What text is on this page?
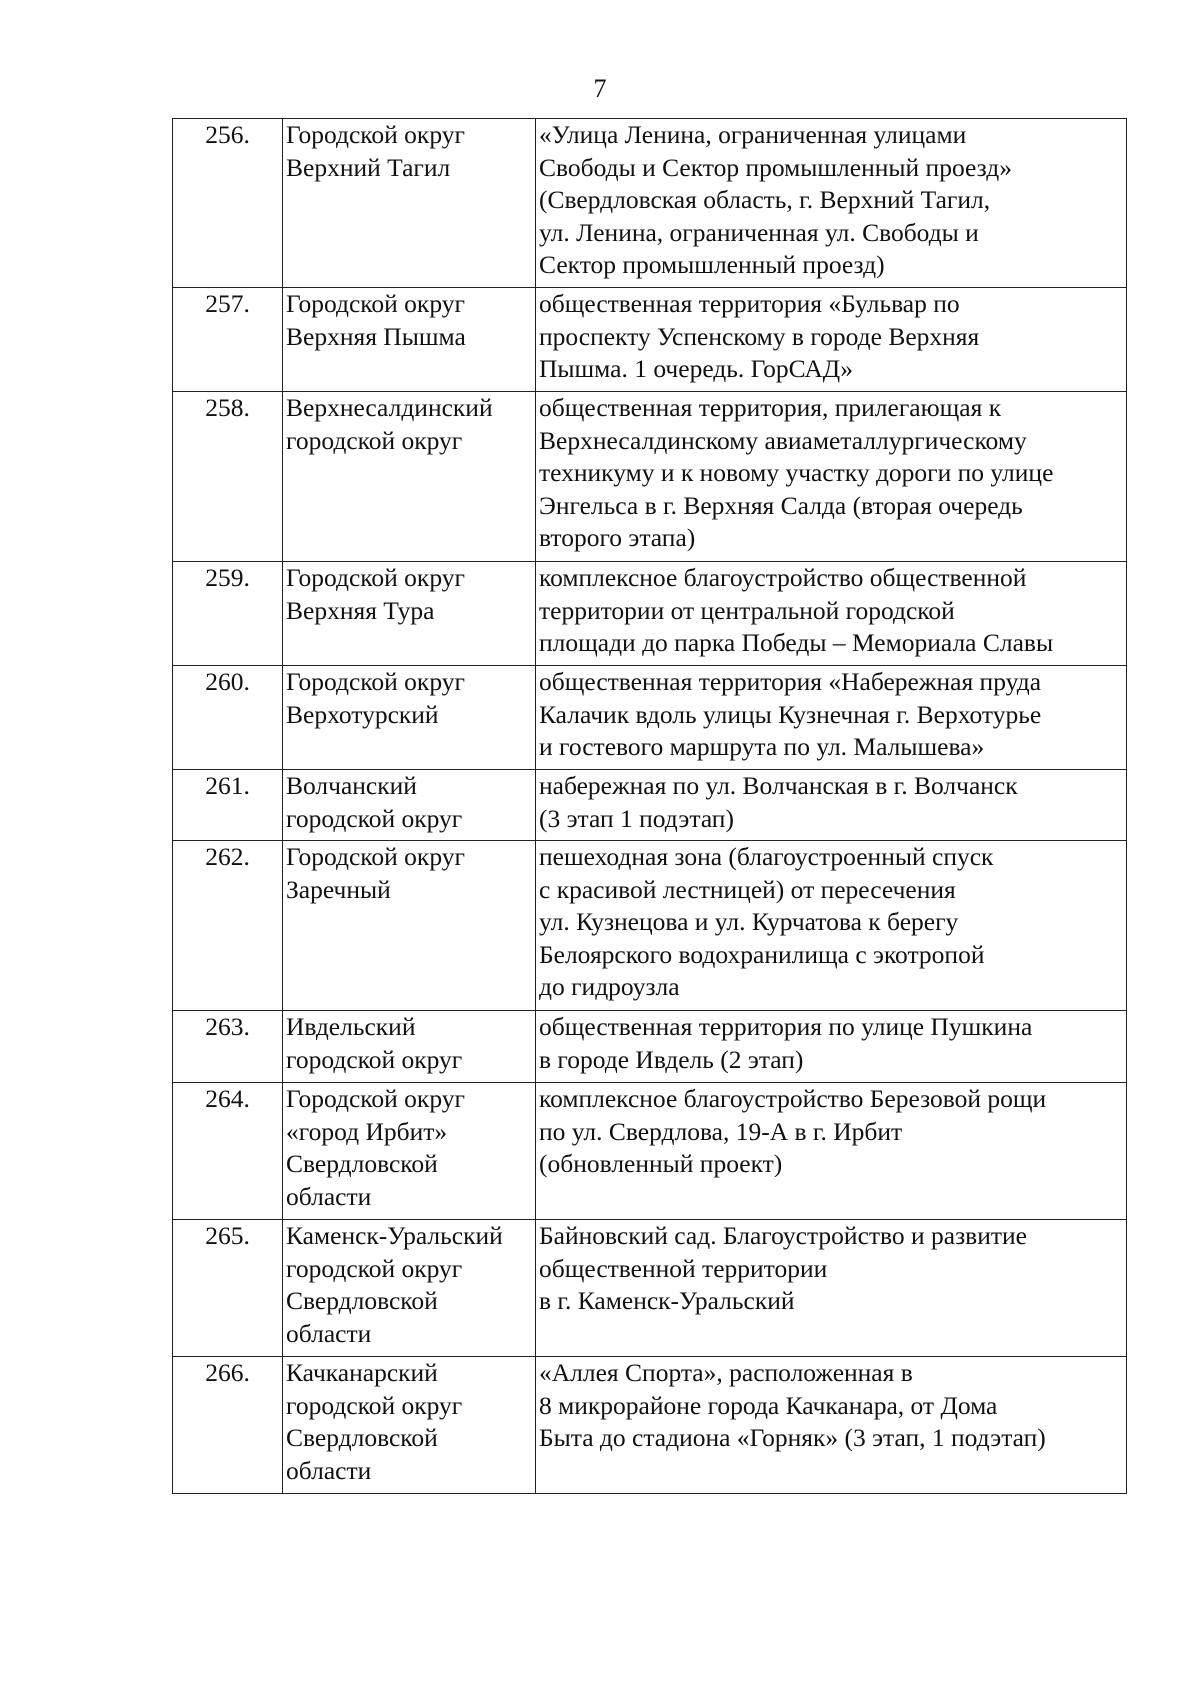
7
256.	Городской округ
Верхний Тагил	«Улица Ленина, ограниченная улицами
Свободы и Сектор промышленный проезд»
(Свердловская область, г. Верхний Тагил,
ул. Ленина, ограниченная ул. Свободы и
Сектор промышленный проезд)
257.	Городской округ
Верхняя Пышма	общественная территория «Бульвар по
проспекту Успенскому в городе Верхняя
Пышма. 1 очередь. ГорСАД»
258.	Верхнесалдинский
городской округ	общественная территория, прилегающая к
Верхнесалдинскому авиаметаллургическому
техникуму и к новому участку дороги по улице
Энгельса в г. Верхняя Салда (вторая очередь
второго этапа)
259.	Городской округ
Верхняя Тура	комплексное благоустройство общественной
территории от центральной городской
площади до парка Победы – Мемориала Славы
260.	Городской округ
Верхотурский	общественная территория «Набережная пруда
Калачик вдоль улицы Кузнечная г. Верхотурье
и гостевого маршрута по ул. Малышева»
261.	Волчанский
городской округ	набережная по ул. Волчанская в г. Волчанск
(3 этап 1 подэтап)
262.	Городской округ
Заречный	пешеходная зона (благоустроенный спуск
с красивой лестницей) от пересечения
ул. Кузнецова и ул. Курчатова к берегу
Белоярского водохранилища с экотропой
до гидроузла
263.	Ивдельский
городской округ	общественная территория по улице Пушкина
в городе Ивдель (2 этап)
264.	Городской округ
«город Ирбит»
Свердловской
области	комплексное благоустройство Березовой рощи
по ул. Свердлова, 19-А в г. Ирбит
(обновленный проект)
265.	Каменск-Уральский
городской округ
Свердловской
области	Байновский сад. Благоустройство и развитие
общественной территории
в г. Каменск-Уральский
266.	Качканарский
городской округ
Свердловской
области	«Аллея Спорта», расположенная в
8 микрорайоне города Качканара, от Дома
Быта до стадиона «Горняк» (3 этап, 1 подэтап)
